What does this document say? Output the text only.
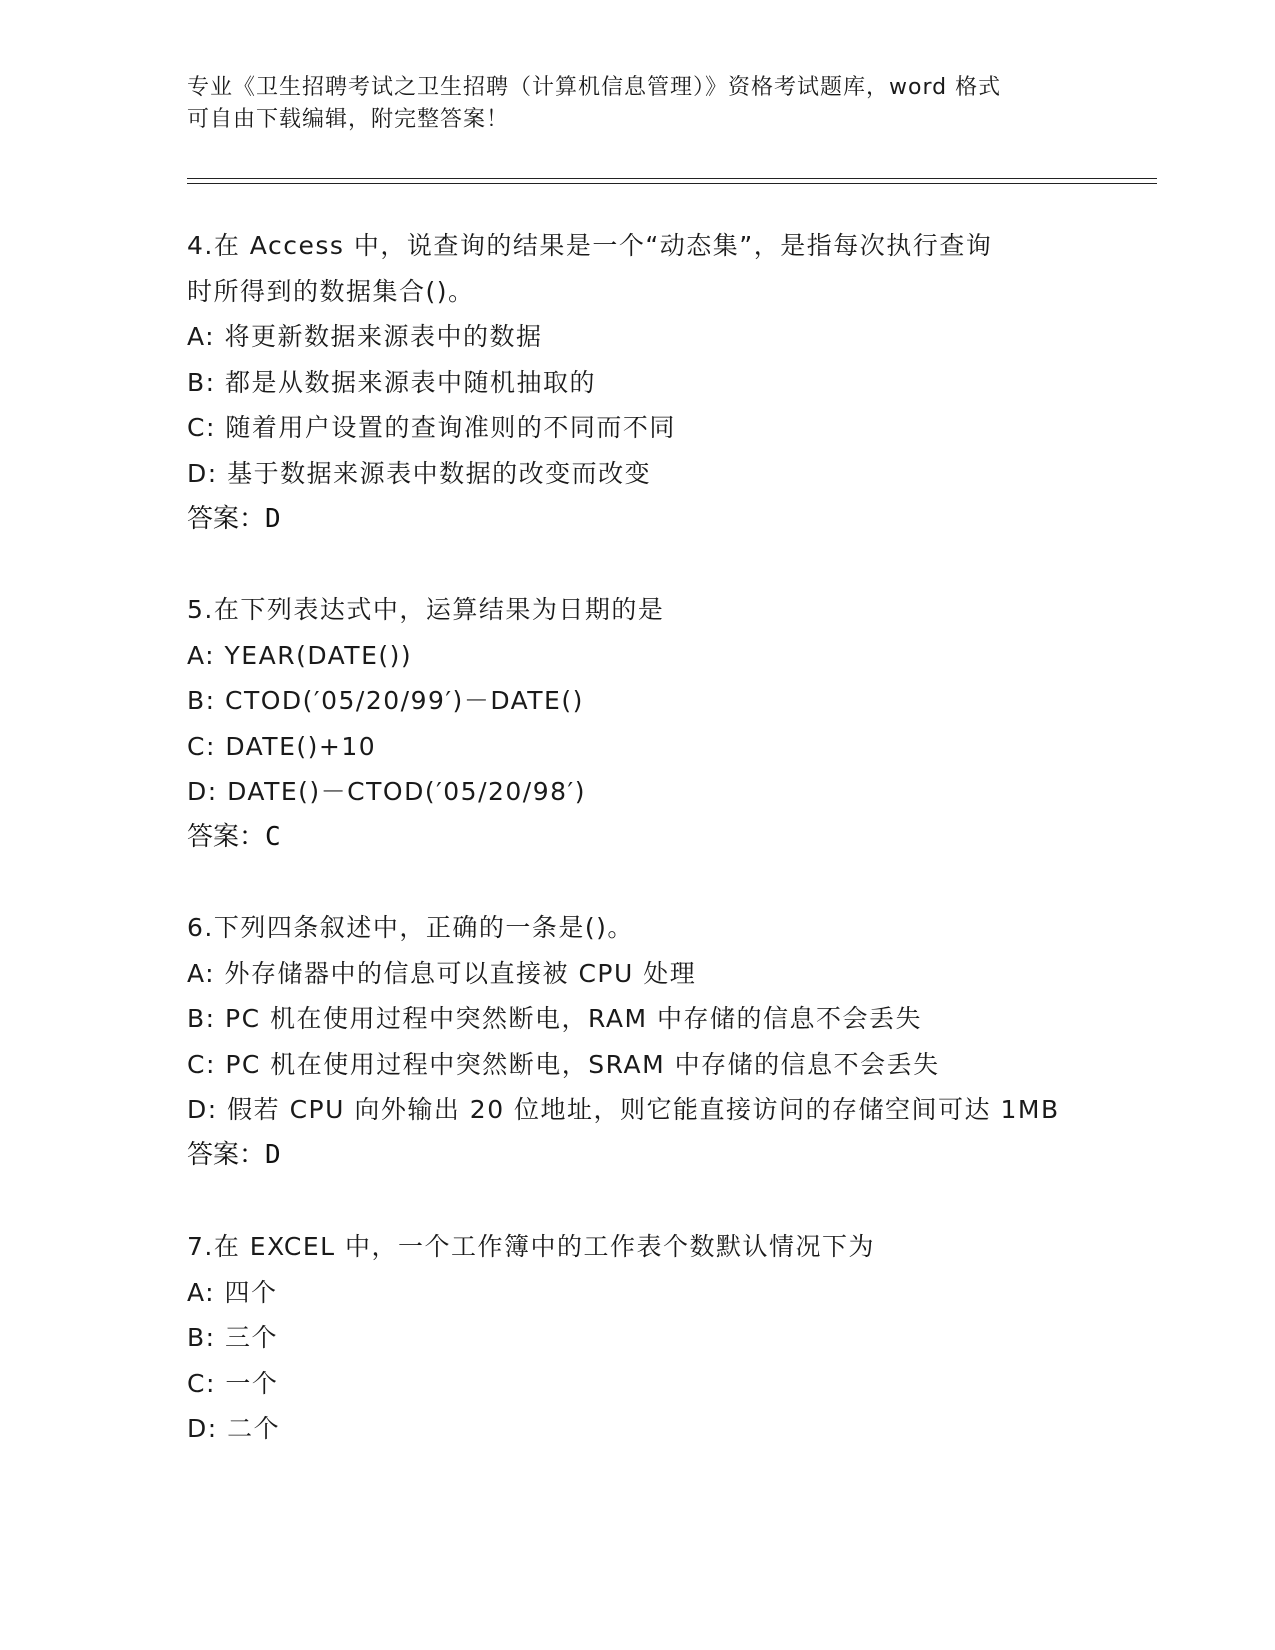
专业《卫生招聘考试之卫生招聘（计算机信息管理）》资格考试题库，word 格式
可自由下载编辑，附完整答案！
4.在 Access 中，说查询的结果是一个“动态集”，是指每次执行查询
时所得到的数据集合()。
A: 将更新数据来源表中的数据
B: 都是从数据来源表中随机抽取的
C: 随着用户设置的查询准则的不同而不同
D: 基于数据来源表中数据的改变而改变
答案：D
5.在下列表达式中，运算结果为日期的是
A: YEAR(DATE())
B: CTOD(′05/20/99′)－DATE()
C: DATE()+10
D: DATE()－CTOD(′05/20/98′)
答案：C
6.下列四条叙述中，正确的一条是()。
A: 外存储器中的信息可以直接被 CPU 处理
B: PC 机在使用过程中突然断电，RAM 中存储的信息不会丢失
C: PC 机在使用过程中突然断电，SRAM 中存储的信息不会丢失
D: 假若 CPU 向外输出 20 位地址，则它能直接访问的存储空间可达 1MB
答案：D
7.在 EXCEL 中，一个工作簿中的工作表个数默认情况下为
A: 四个
B: 三个
C: 一个
D: 二个
